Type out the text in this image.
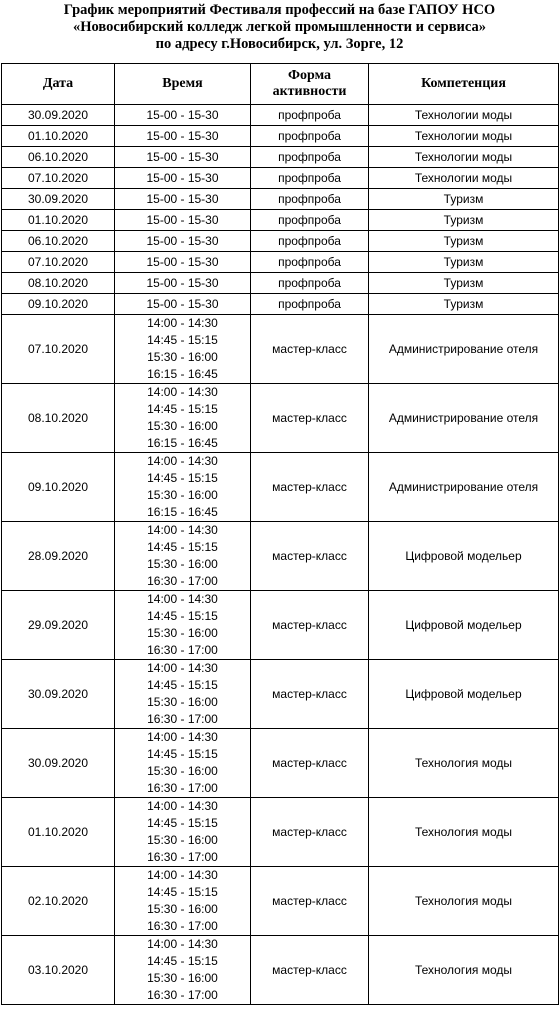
График мероприятий Фестиваля профессий на базе ГАПОУ НСО
«Новосибирский колледж легкой промышленности и сервиса»
по адресу г.Новосибирск, ул. Зорге, 12
Дата	Время	Форма активности	Компетенция
30.09.2020	15-00 - 15-30	профпроба	Технологии моды
01.10.2020	15-00 - 15-30	профпроба	Технологии моды
06.10.2020	15-00 - 15-30	профпроба	Технологии моды
07.10.2020	15-00 - 15-30	профпроба	Технологии моды
30.09.2020	15-00 - 15-30	профпроба	Туризм
01.10.2020	15-00 - 15-30	профпроба	Туризм
06.10.2020	15-00 - 15-30	профпроба	Туризм
07.10.2020	15-00 - 15-30	профпроба	Туризм
08.10.2020	15-00 - 15-30	профпроба	Туризм
09.10.2020	15-00 - 15-30	профпроба	Туризм
07.10.2020	14:00 - 14:30
14:45 - 15:15
15:30 - 16:00
16:15 - 16:45	мастер-класс	Администрирование отеля
08.10.2020	14:00 - 14:30
14:45 - 15:15
15:30 - 16:00
16:15 - 16:45	мастер-класс	Администрирование отеля
09.10.2020	14:00 - 14:30
14:45 - 15:15
15:30 - 16:00
16:15 - 16:45	мастер-класс	Администрирование отеля
28.09.2020	14:00 - 14:30
14:45 - 15:15
15:30 - 16:00
16:30 - 17:00	мастер-класс	Цифровой модельер
29.09.2020	14:00 - 14:30
14:45 - 15:15
15:30 - 16:00
16:30 - 17:00	мастер-класс	Цифровой модельер
30.09.2020	14:00 - 14:30
14:45 - 15:15
15:30 - 16:00
16:30 - 17:00	мастер-класс	Цифровой модельер
30.09.2020	14:00 - 14:30
14:45 - 15:15
15:30 - 16:00
16:30 - 17:00	мастер-класс	Технология моды
01.10.2020	14:00 - 14:30
14:45 - 15:15
15:30 - 16:00
16:30 - 17:00	мастер-класс	Технология моды
02.10.2020	14:00 - 14:30
14:45 - 15:15
15:30 - 16:00
16:30 - 17:00	мастер-класс	Технология моды
03.10.2020	14:00 - 14:30
14:45 - 15:15
15:30 - 16:00
16:30 - 17:00	мастер-класс	Технология моды
